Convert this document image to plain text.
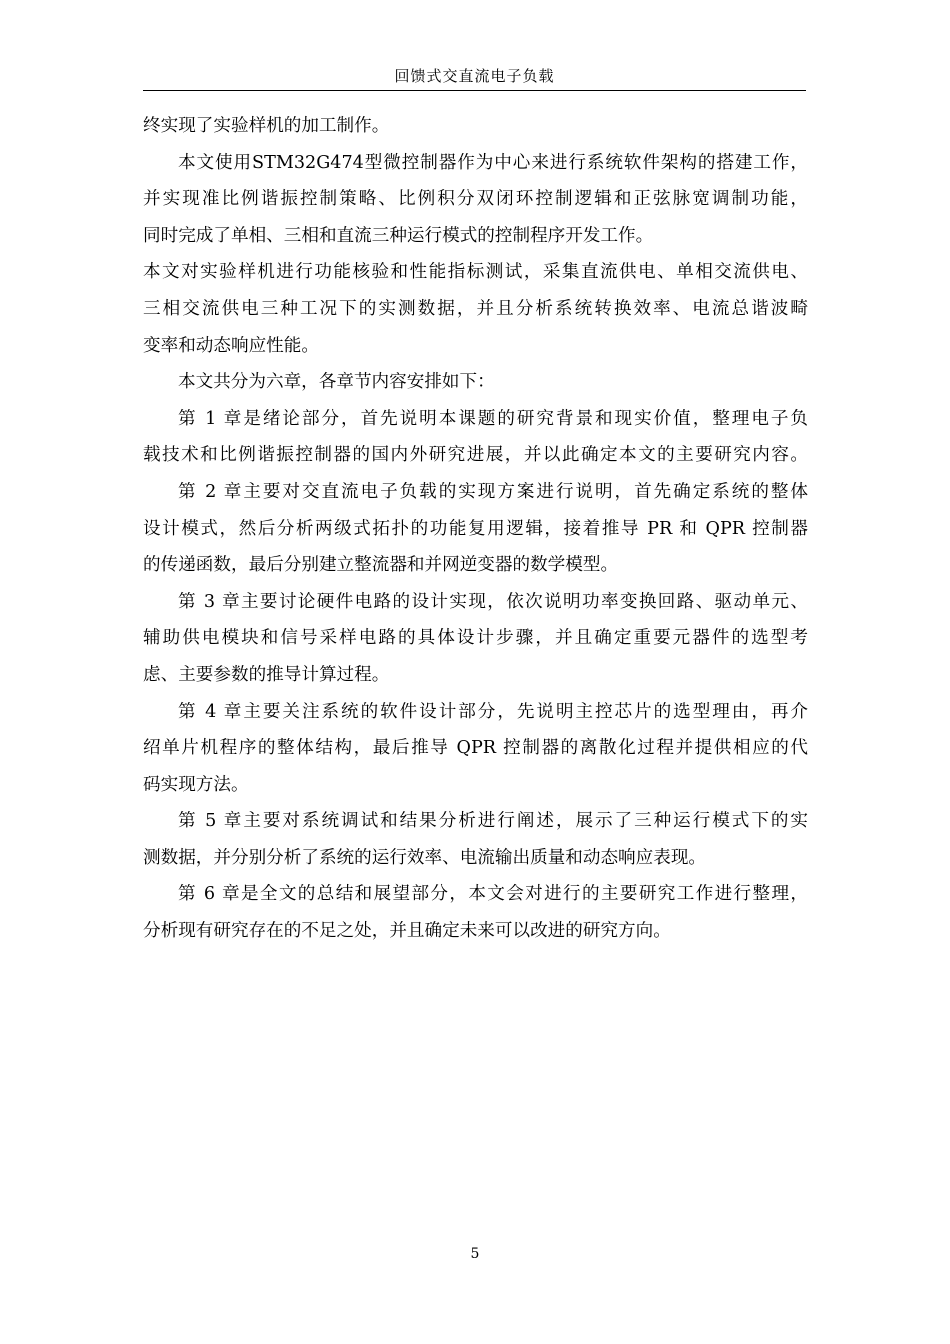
回馈式交直流电子负载
终实现了实验样机的加工制作。
本文使用STM32G474型微控制器作为中心来进行系统软件架构的搭建工作，
并实现准比例谐振控制策略、比例积分双闭环控制逻辑和正弦脉宽调制功能，
同时完成了单相、三相和直流三种运行模式的控制程序开发工作。
本文对实验样机进行功能核验和性能指标测试，采集直流供电、单相交流供电、
三相交流供电三种工况下的实测数据，并且分析系统转换效率、电流总谐波畸
变率和动态响应性能。
本文共分为六章，各章节内容安排如下：
第 1 章是绪论部分，首先说明本课题的研究背景和现实价值，整理电子负
载技术和比例谐振控制器的国内外研究进展，并以此确定本文的主要研究内容。
第 2 章主要对交直流电子负载的实现方案进行说明，首先确定系统的整体
设计模式，然后分析两级式拓扑的功能复用逻辑，接着推导 PR 和 QPR 控制器
的传递函数，最后分别建立整流器和并网逆变器的数学模型。
第 3 章主要讨论硬件电路的设计实现，依次说明功率变换回路、驱动单元、
辅助供电模块和信号采样电路的具体设计步骤，并且确定重要元器件的选型考
虑、主要参数的推导计算过程。
第 4 章主要关注系统的软件设计部分，先说明主控芯片的选型理由，再介
绍单片机程序的整体结构，最后推导 QPR 控制器的离散化过程并提供相应的代
码实现方法。
第 5 章主要对系统调试和结果分析进行阐述，展示了三种运行模式下的实
测数据，并分别分析了系统的运行效率、电流输出质量和动态响应表现。
第 6 章是全文的总结和展望部分，本文会对进行的主要研究工作进行整理，
分析现有研究存在的不足之处，并且确定未来可以改进的研究方向。
5
